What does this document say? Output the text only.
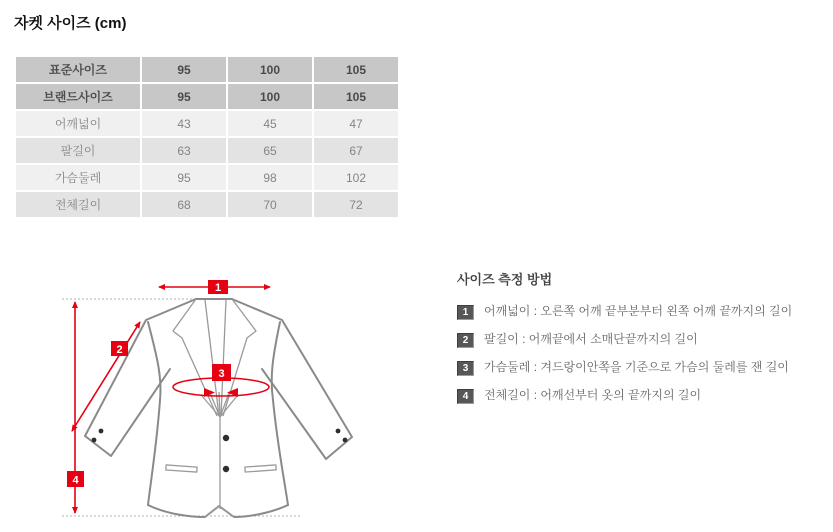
자켓 사이즈 (cm)
표준사이즈	95	100	105
브랜드사이즈	95	100	105
어깨넓이	43	45	47
팔길이	63	65	67
가슴둘레	95	98	102
전체길이	68	70	72
1
2
3
4
사이즈 측정 방법
1	어깨넓이 : 오른쪽 어깨 끝부분부터 왼쪽 어깨 끝까지의 길이
2	팔길이 : 어깨끝에서 소매단끝까지의 길이
3	가슴둘레 : 겨드랑이안쪽을 기준으로 가슴의 둘레를 잰 길이
4	전체길이 : 어깨선부터 옷의 끝까지의 길이
